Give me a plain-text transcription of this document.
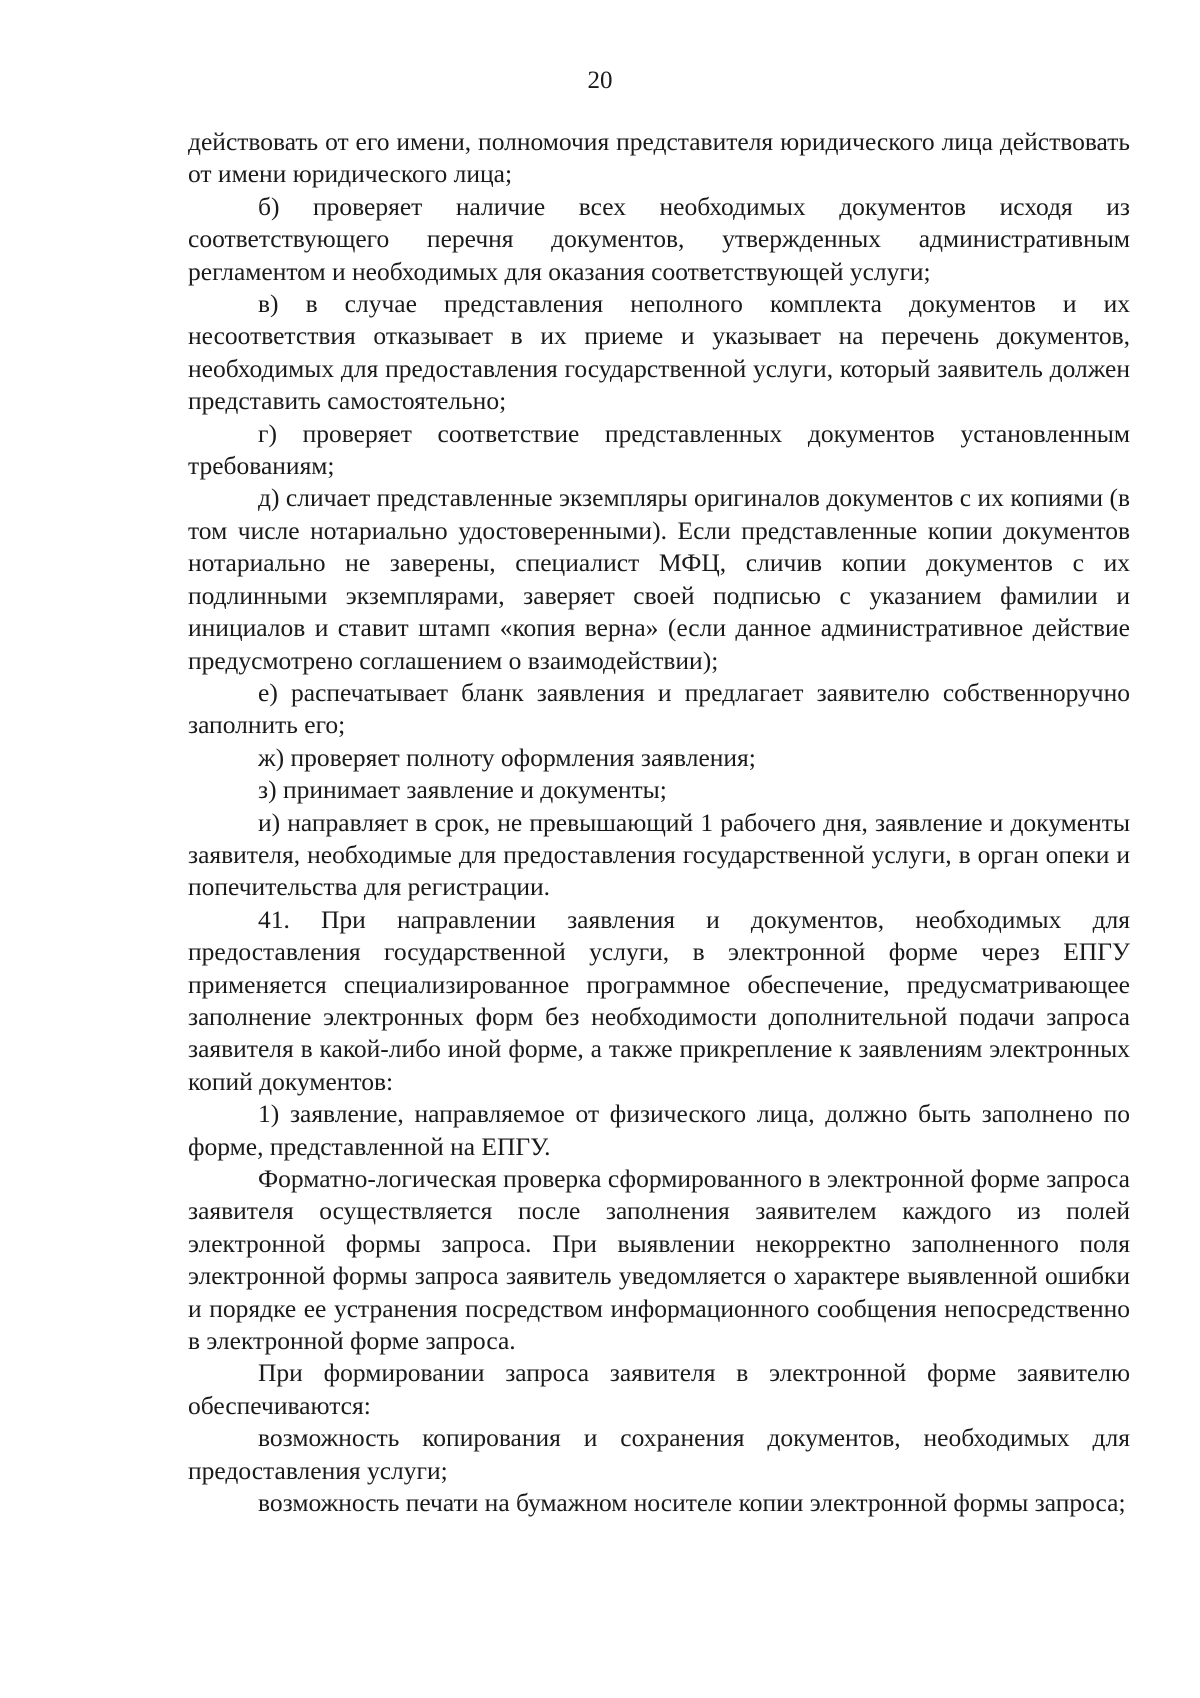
20

действовать от его имени, полномочия представителя юридического лица действовать от имени юридического лица;

б) проверяет наличие всех необходимых документов исходя из соответствующего перечня документов, утвержденных административным регламентом и необходимых для оказания соответствующей услуги;

в) в случае представления неполного комплекта документов и их несоответствия отказывает в их приеме и указывает на перечень документов, необходимых для предоставления государственной услуги, который заявитель должен представить самостоятельно;

г) проверяет соответствие представленных документов установленным требованиям;

д) сличает представленные экземпляры оригиналов документов с их копиями (в том числе нотариально удостоверенными). Если представленные копии документов нотариально не заверены, специалист МФЦ, сличив копии документов с их подлинными экземплярами, заверяет своей подписью с указанием фамилии и инициалов и ставит штамп «копия верна» (если данное административное действие предусмотрено соглашением о взаимодействии);

е) распечатывает бланк заявления и предлагает заявителю собственноручно заполнить его;

ж) проверяет полноту оформления заявления;

з) принимает заявление и документы;

и) направляет в срок, не превышающий 1 рабочего дня, заявление и документы заявителя, необходимые для предоставления государственной услуги, в орган опеки и попечительства для регистрации.

41. При направлении заявления и документов, необходимых для предоставления государственной услуги, в электронной форме через ЕПГУ применяется специализированное программное обеспечение, предусматривающее заполнение электронных форм без необходимости дополнительной подачи запроса заявителя в какой-либо иной форме, а также прикрепление к заявлениям электронных копий документов:

1) заявление, направляемое от физического лица, должно быть заполнено по форме, представленной на ЕПГУ.

Форматно-логическая проверка сформированного в электронной форме запроса заявителя осуществляется после заполнения заявителем каждого из полей электронной формы запроса. При выявлении некорректно заполненного поля электронной формы запроса заявитель уведомляется о характере выявленной ошибки и порядке ее устранения посредством информационного сообщения непосредственно в электронной форме запроса.

При формировании запроса заявителя в электронной форме заявителю обеспечиваются:

возможность копирования и сохранения документов, необходимых для предоставления услуги;

возможность печати на бумажном носителе копии электронной формы запроса;
